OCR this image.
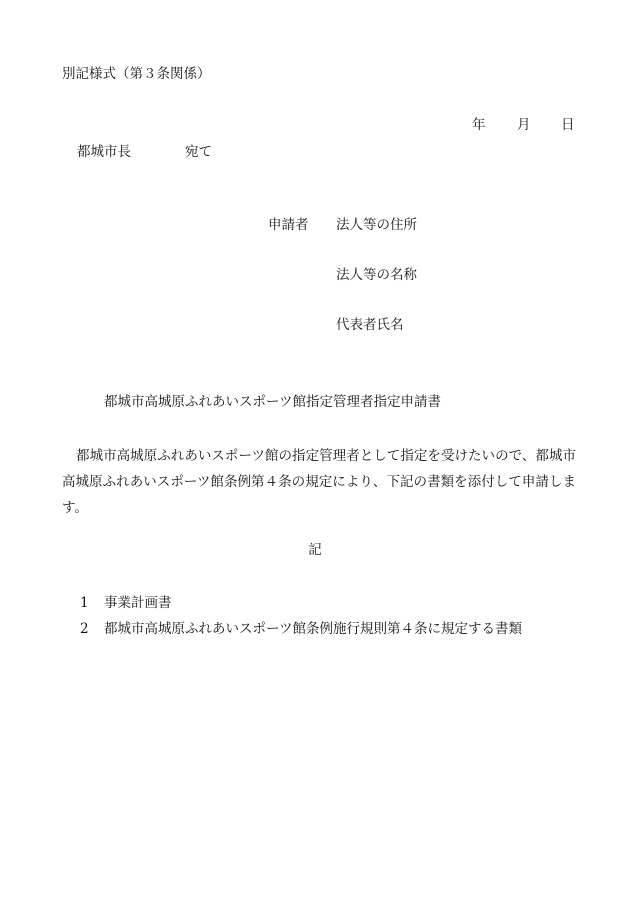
別記様式（第３条関係）
年 月 日
都城市長	宛て
申請者 法人等の住所
法人等の名称
代表者氏名
都城市高城原ふれあいスポーツ館指定管理者指定申請書
都城市高城原ふれあいスポーツ館の指定管理者として指定を受けたいので、都城市高城原ふれあいスポーツ館条例第４条の規定により、下記の書類を添付して申請します。
記
1 事業計画書
2 都城市高城原ふれあいスポーツ館条例施行規則第４条に規定する書類
